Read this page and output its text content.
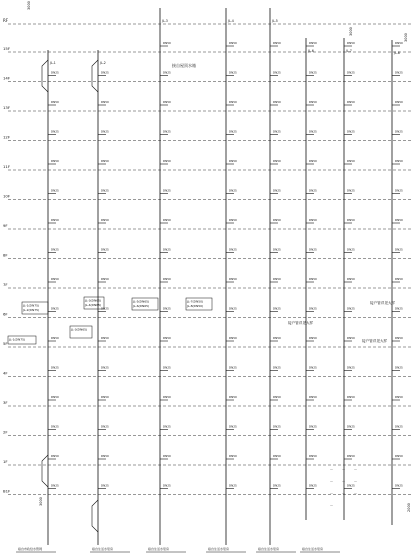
JL-1
DN25
DN50
DN25
DN50
DN25
DN50
DN25
DN50
DN25
DN50
DN25
DN50
DN25
DN50
DN25
JL-2
DN25
DN50
DN25
DN50
DN25
DN50
DN25
DN50
DN25
DN50
DN25
DN50
DN25
DN50
DN25
JL-3
DN50
DN25
DN50
DN25
DN50
DN25
DN50
DN25
DN50
DN25
DN50
DN25
DN50
DN25
DN50
DN25
JL-4
DN50
DN25
DN50
DN25
DN50
DN25
DN50
DN25
DN50
DN25
DN50
DN25
DN50
DN25
DN50
DN25
JL-5
DN50
DN25
DN50
DN25
DN50
DN25
DN50
DN25
DN50
DN25
DN50
DN25
DN50
DN25
DN50
DN25
JL-6
DN50
DN25
DN50
DN25
DN50
DN25
DN50
DN25
DN50
DN25
DN50
DN25
DN50
DN25
DN50
DN25
JL-7
DN50
DN25
DN50
DN25
DN50
DN25
DN50
DN25
DN50
DN25
DN50
DN25
DN50
DN25
DN50
DN25
JL-8
DN50
DN25
DN50
DN25
DN50
DN25
DN50
DN25
DN50
DN25
DN50
DN25
DN50
DN25
DN50
DN25
RF
3000
3000
3000
接自屋顶水箱
接户管详见大样
接户管详见大样
接户管详见大样
3000
2000
JL-1(DN75)
JL-2(DN75)
JL-3(DN65)
JL-4(DN65)
JL-5(DN65)
JL-6(DN65)
JL-7(DN50)
JL-8(DN50)
JL-1(DN75)
JL-3(DN65)
接自市政给水管网	接自生活水泵房	接自生活水泵房	接自生活水泵房	接自生活水泵房	接自生活水泵房
—	—	—
—	—	—
—	—	—
—
15F
14F
13F
12F
11F
10F
9F
8F
7F
6F
5F
4F
3F
2F
1F
B1F
